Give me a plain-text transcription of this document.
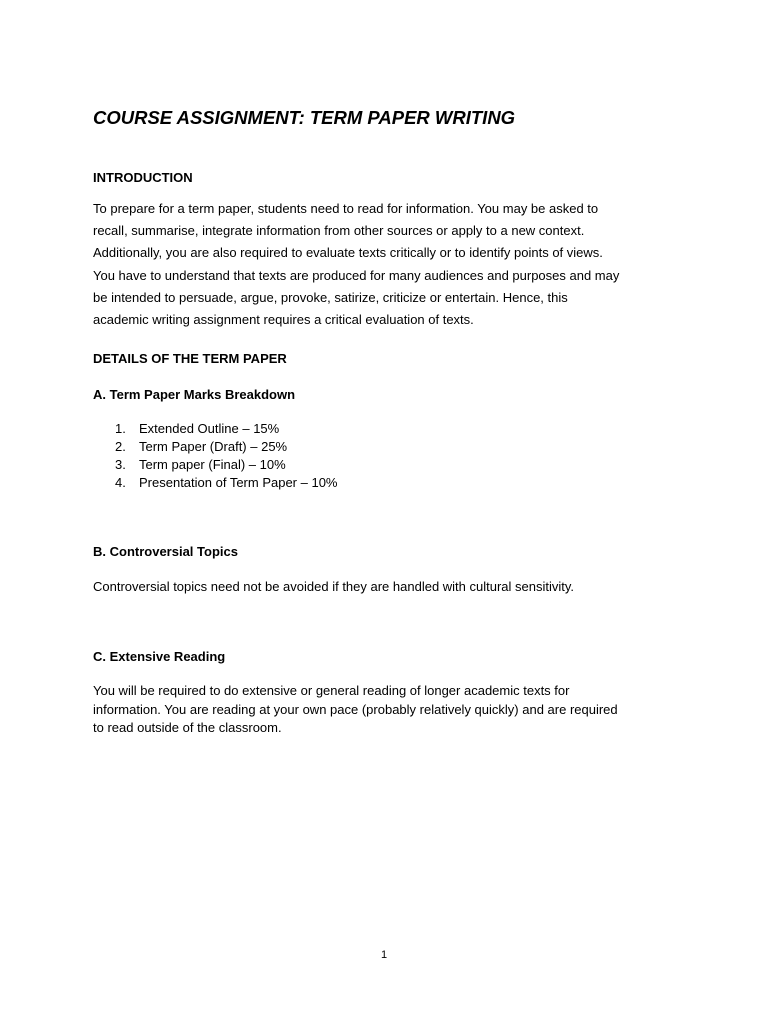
COURSE ASSIGNMENT: TERM PAPER WRITING
INTRODUCTION
To prepare for a term paper, students need to read for information. You may be asked to
recall, summarise, integrate information from other sources or apply to a new context.
Additionally, you are also required to evaluate texts critically or to identify points of views.
You have to understand that texts are produced for many audiences and purposes and may
be intended to persuade, argue, provoke, satirize, criticize or entertain. Hence, this
academic writing assignment requires a critical evaluation of texts.
DETAILS OF THE TERM PAPER
A. Term Paper Marks Breakdown
1. Extended Outline – 15%
2. Term Paper (Draft) – 25%
3. Term paper (Final) – 10%
4. Presentation of Term Paper – 10%
B. Controversial Topics
Controversial topics need not be avoided if they are handled with cultural sensitivity.
C. Extensive Reading
You will be required to do extensive or general reading of longer academic texts for
information. You are reading at your own pace (probably relatively quickly) and are required
to read outside of the classroom.
1
